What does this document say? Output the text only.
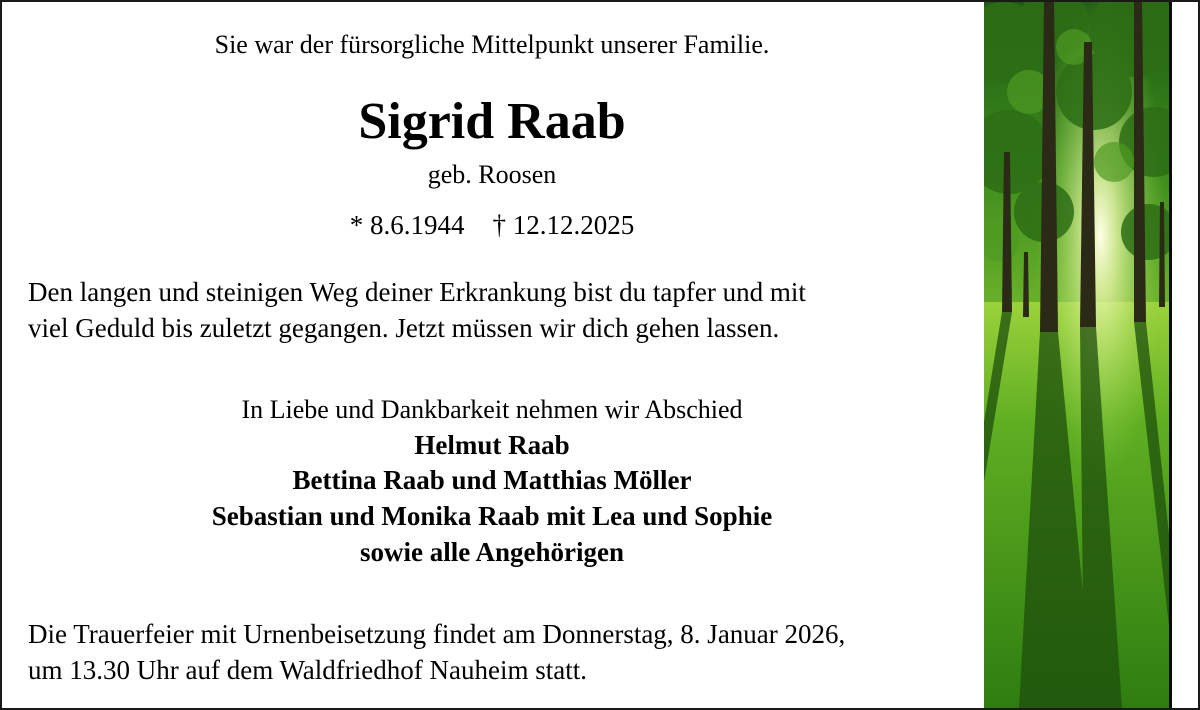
Sie war der fürsorgliche Mittelpunkt unserer Familie.
Sigrid Raab
geb. Roosen
* 8.6.1944 † 12.12.2025
Den langen und steinigen Weg deiner Erkrankung bist du tapfer und mit
viel Geduld bis zuletzt gegangen. Jetzt müssen wir dich gehen lassen.
In Liebe und Dankbarkeit nehmen wir Abschied
Helmut Raab
Bettina Raab und Matthias Möller
Sebastian und Monika Raab mit Lea und Sophie
sowie alle Angehörigen
Die Trauerfeier mit Urnenbeisetzung findet am Donnerstag, 8. Januar 2026,
um 13.30 Uhr auf dem Waldfriedhof Nauheim statt.
